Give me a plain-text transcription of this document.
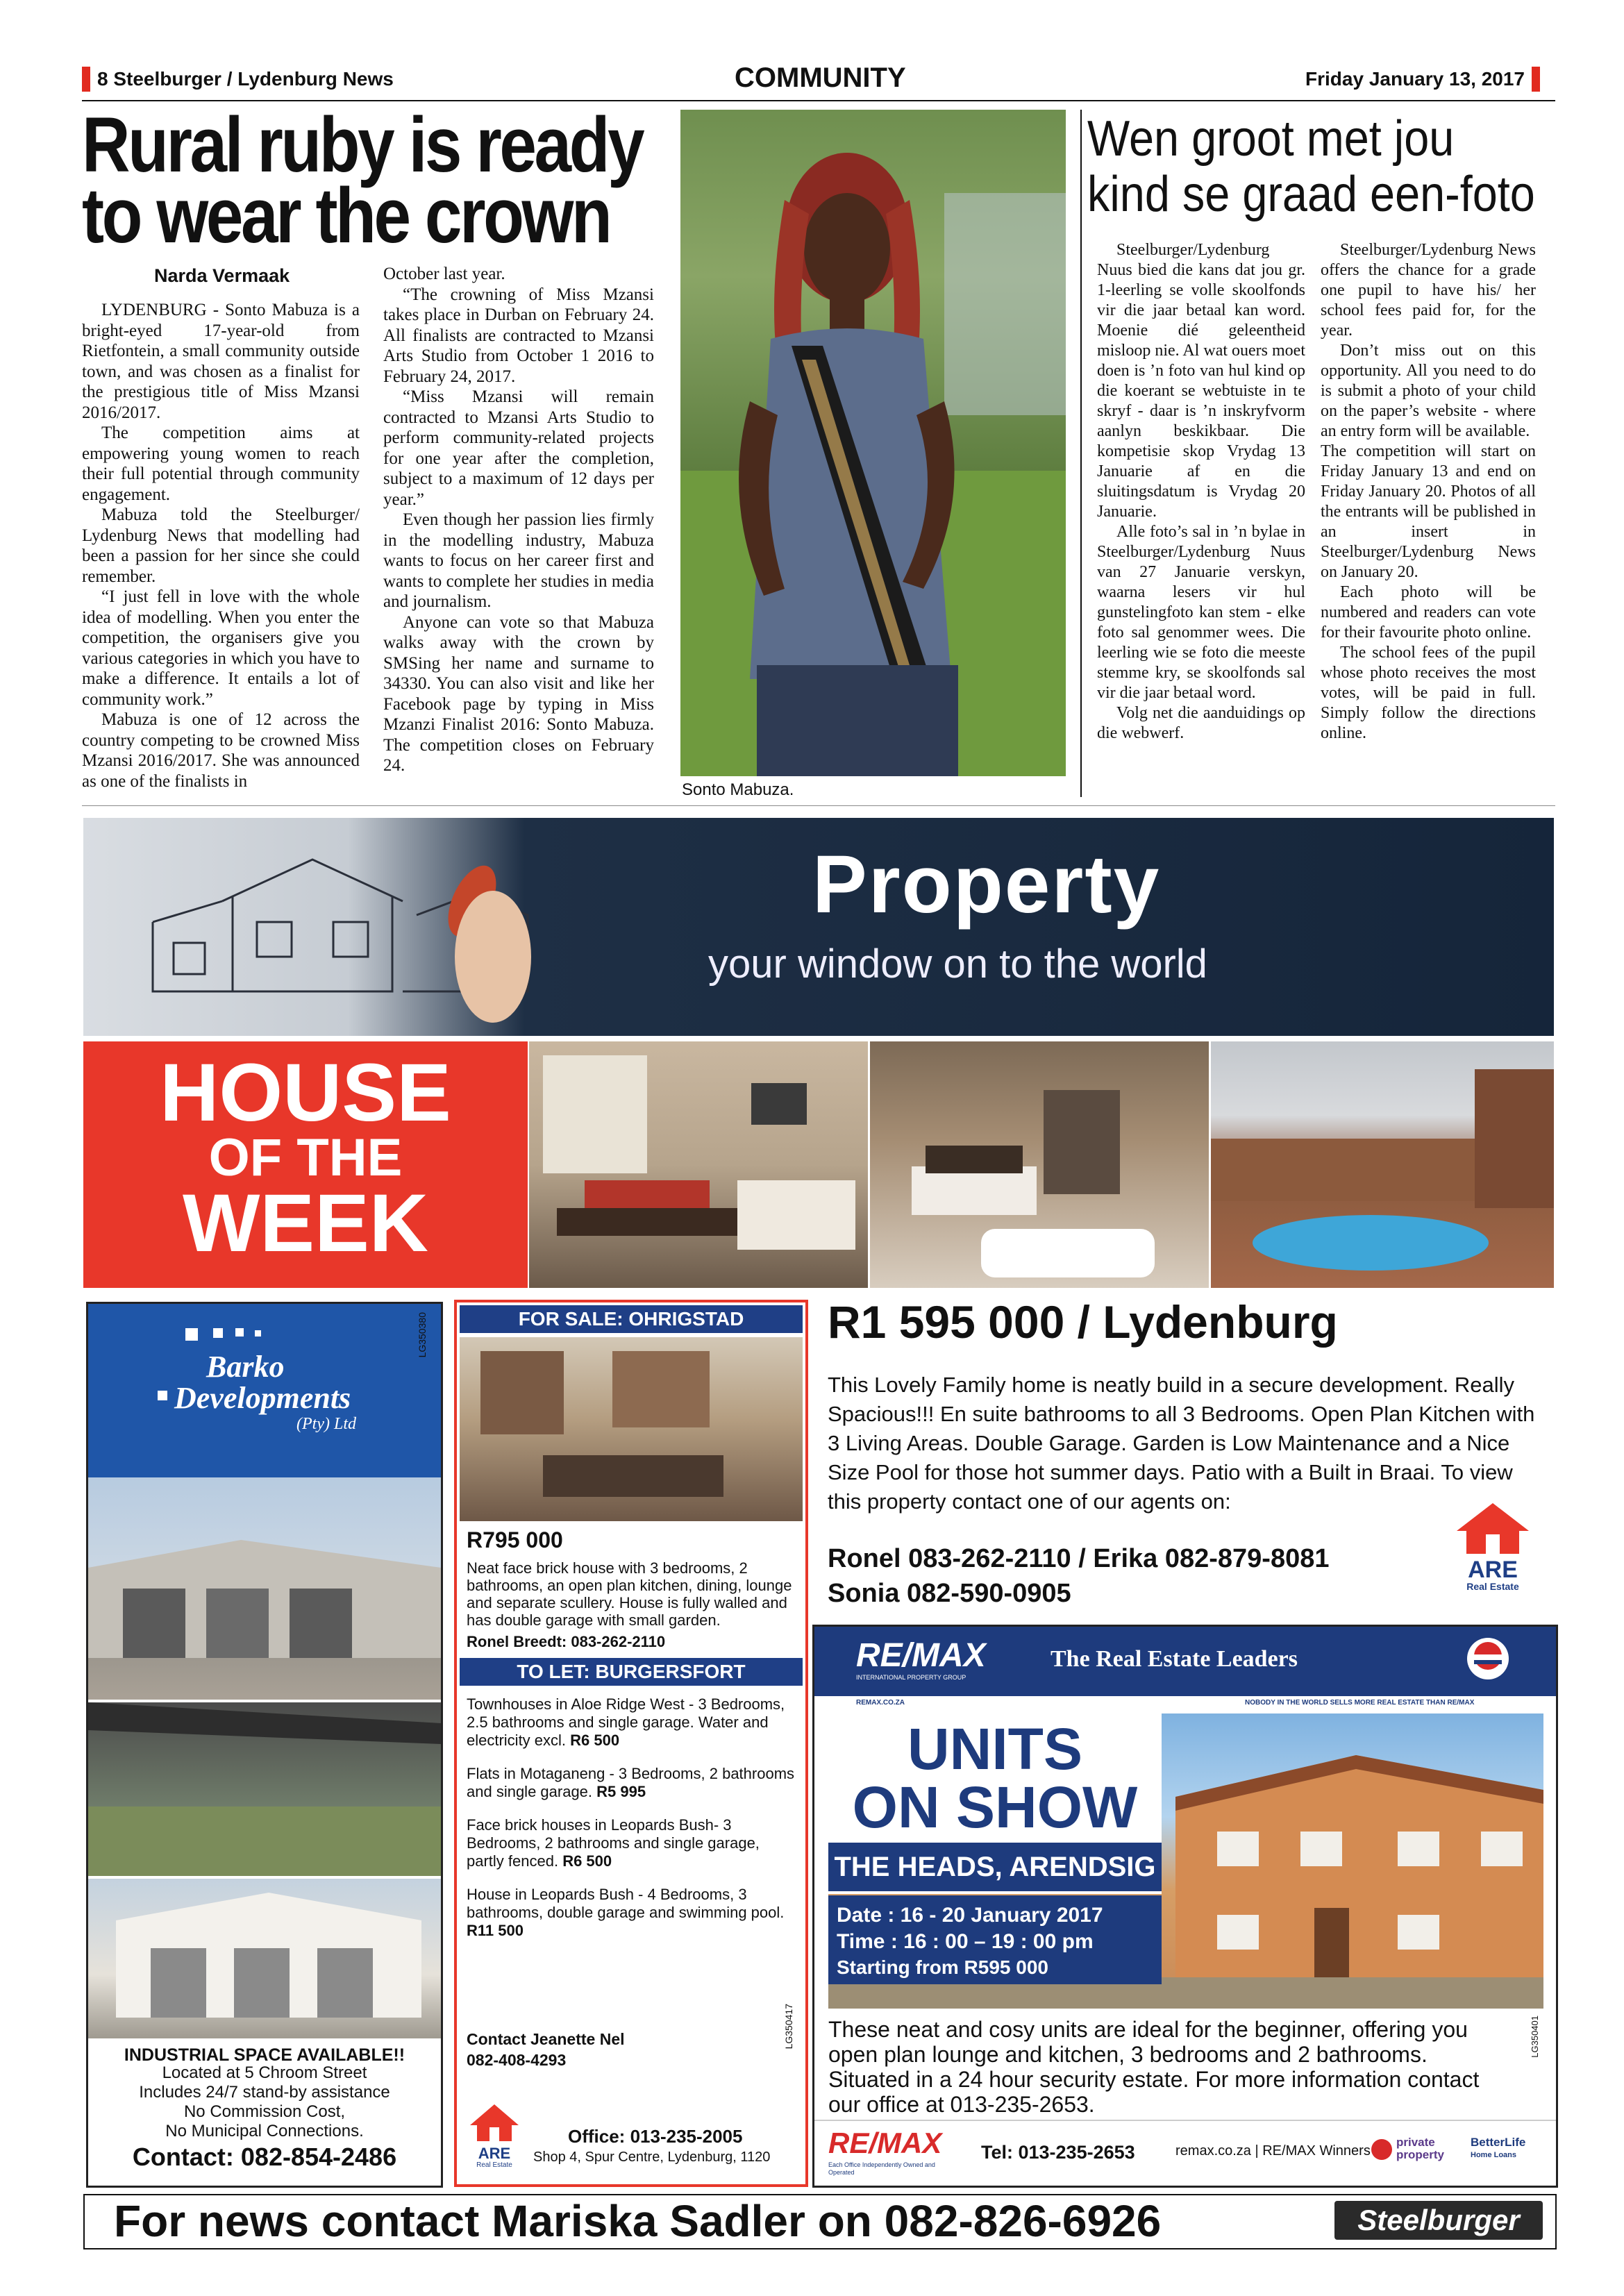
8 Steelburger / Lydenburg News	COMMUNITY	Friday January 13, 2017
Rural ruby is ready
to wear the crown
Narda Vermaak

LYDENBURG - Sonto Mabuza is a bright-eyed 17-year-old from Rietfontein, a small community outside town, and was chosen as a finalist for the prestigious title of Miss Mzansi 2016/2017.

The competition aims at empowering young women to reach their full potential through community engagement.

Mabuza told the Steelburger/ Lydenburg News that modelling had been a passion for her since she could remember.

“I just fell in love with the whole idea of modelling. When you enter the competition, the organisers give you various categories in which you have to make a difference. It entails a lot of community work.”

Mabuza is one of 12 across the country competing to be crowned Miss Mzansi 2016/2017. She was announced as one of the finalists in

October last year.

“The crowning of Miss Mzansi takes place in Durban on February 24. All finalists are contracted to Mzansi Arts Studio from October 1 2016 to February 24, 2017.

“Miss Mzansi will remain contracted to Mzansi Arts Studio to perform community-related projects for one year after the completion, subject to a maximum of 12 days per year.”

Even though her passion lies firmly in the modelling industry, Mabuza wants to focus on her career first and wants to complete her studies in media and journalism.

Anyone can vote so that Mabuza walks away with the crown by SMSing her name and surname to 34330. You can also visit and like her Facebook page by typing in Miss Mzanzi Finalist 2016: Sonto Mabuza. The competition closes on February 24.

Sonto Mabuza.
Wen groot met jou
kind se graad een-foto

Steelburger/Lydenburg Nuus bied die kans dat jou gr. 1-leerling se volle skoolfonds vir die jaar betaal kan word. Moenie dié geleentheid misloop nie. Al wat ouers moet doen is ’n foto van hul kind op die koerant se webtuiste in te skryf - daar is ’n inskryfvorm aanlyn beskikbaar. Die kompetisie skop Vrydag 13 Januarie af en die sluitingsdatum is Vrydag 20 Januarie.

Alle foto’s sal in ’n bylae in Steelburger/Lydenburg Nuus van 27 Januarie verskyn, waarna lesers vir hul gunstelingfoto kan stem - elke foto sal genommer wees. Die leerling wie se foto die meeste stemme kry, se skoolfonds sal vir die jaar betaal word.

Volg net die aanduidings op die webwerf.

Steelburger/Lydenburg News offers the chance for a grade one pupil to have his/ her school fees paid for, for the year.

Don’t miss out on this opportunity. All you need to do is submit a photo of your child on the paper’s website - where an entry form will be available.

The competition will start on Friday January 13 and end on Friday January 20. Photos of all the entrants will be published in an insert in Steelburger/Lydenburg News on January 20.

Each photo will be numbered and readers can vote for their favourite photo online.

The school fees of the pupil whose photo receives the most votes, will be paid in full. Simply follow the directions online.

Property
your window on to the world
HOUSE
OF THE
WEEK
Barko
Developments
(Pty) Ltd
INDUSTRIAL SPACE AVAILABLE!!
Located at 5 Chroom Street
Includes 24/7 stand-by assistance
No Commission Cost,
No Municipal Connections.
Contact: 082-854-2486
LG350380	FOR SALE: OHRIGSTAD
R795 000
Neat face brick house with 3 bedrooms, 2 bathrooms, an open plan kitchen, dining, lounge and separate scullery. House is fully walled and has double garage with small garden.
Ronel Breedt: 083-262-2110
TO LET: BURGERSFORT
Townhouses in Aloe Ridge West - 3 Bedrooms, 2.5 bathrooms and single garage. Water and electricity excl. R6 500
Flats in Motaganeng - 3 Bedrooms, 2 bathrooms and single garage. R5 995
Face brick houses in Leopards Bush- 3 Bedrooms, 2 bathrooms and single garage, partly fenced. R6 500
House in Leopards Bush - 4 Bedrooms, 3 bathrooms, double garage and swimming pool. R11 500
Contact Jeanette Nel
082-408-4293
LG350417
ARE
Real Estate
Office: 013-235-2005
Shop 4, Spur Centre, Lydenburg, 1120
R1 595 000 / Lydenburg
This Lovely Family home is neatly build in a secure development. Really Spacious!!! En suite bathrooms to all 3 Bedrooms. Open Plan Kitchen with 3 Living Areas. Double Garage. Garden is Low Maintenance and a Nice Size Pool for those hot summer days. Patio with a Built in Braai. To view this property contact one of our agents on:
Ronel 083-262-2110 / Erika 082-879-8081
Sonia 082-590-0905
ARE
Real Estate
RE/MAX
INTERNATIONAL PROPERTY GROUP
The Real Estate Leaders
REMAX.CO.ZA	NOBODY IN THE WORLD SELLS MORE REAL ESTATE THAN RE/MAX
UNITS
ON SHOW
THE HEADS, ARENDSIG
Date : 16 - 20 January 2017
Time : 16 : 00 – 19 : 00 pm
Starting from R595 000
These neat and cosy units are ideal for the beginner, offering you open plan lounge and kitchen, 3 bedrooms and 2 bathrooms. Situated in a 24 hour security estate. For more information contact our office at 013-235-2653.
LG350401
RE/MAX
Each Office Independently Owned and Operated
Tel: 013-235-2653	remax.co.za | RE/MAX Winners
private
property
BetterLife
Home Loans
For news contact Mariska Sadler on 082-826-6926	Steelburger
